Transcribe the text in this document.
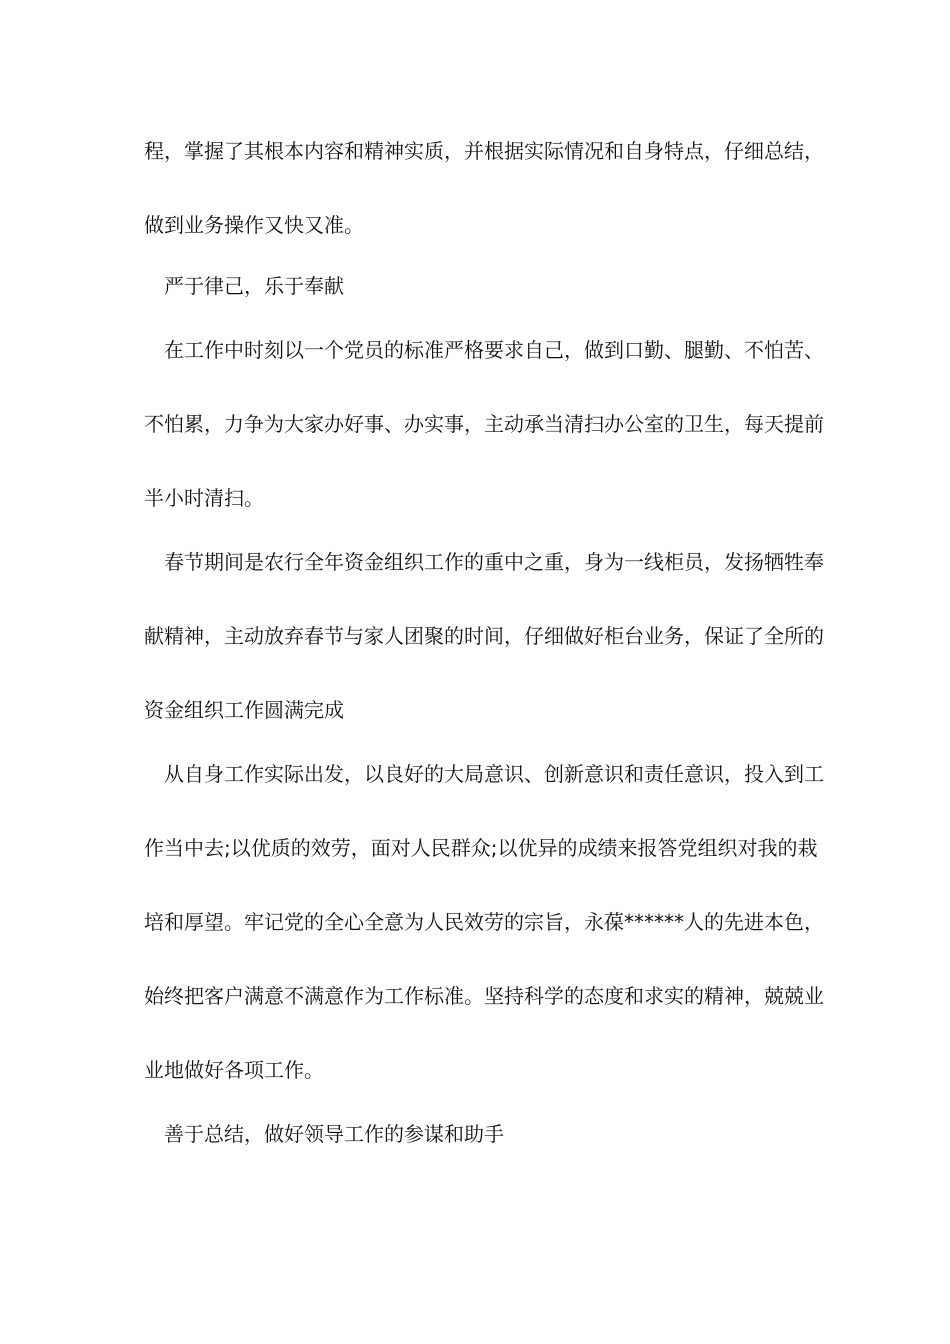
程，掌握了其根本内容和精神实质，并根据实际情况和自身特点，仔细总结，
做到业务操作又快又准。
严于律己，乐于奉献
在工作中时刻以一个党员的标准严格要求自己，做到口勤、腿勤、不怕苦、
不怕累，力争为大家办好事、办实事，主动承当清扫办公室的卫生，每天提前
半小时清扫。
春节期间是农行全年资金组织工作的重中之重，身为一线柜员，发扬牺牲奉
献精神，主动放弃春节与家人团聚的时间，仔细做好柜台业务，保证了全所的
资金组织工作圆满完成
从自身工作实际出发，以良好的大局意识、创新意识和责任意识，投入到工
作当中去;以优质的效劳，面对人民群众;以优异的成绩来报答党组织对我的栽
培和厚望。牢记党的全心全意为人民效劳的宗旨，永葆******人的先进本色，
始终把客户满意不满意作为工作标准。坚持科学的态度和求实的精神，兢兢业
业地做好各项工作。
善于总结，做好领导工作的参谋和助手
